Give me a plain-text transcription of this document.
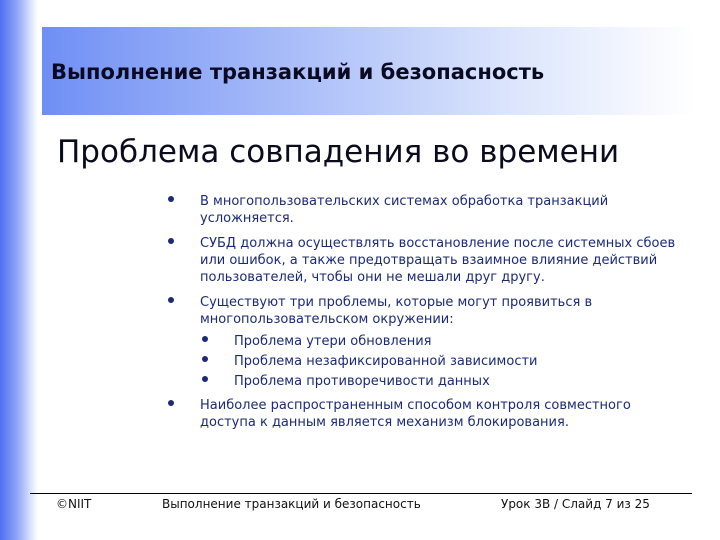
Выполнение транзакций и безопасность
Проблема совпадения во времени
В многопользовательских системах обработка транзакций усложняется.
СУБД должна осуществлять восстановление после системных сбоев или ошибок, а также предотвращать взаимное влияние действий пользователей, чтобы они не мешали друг другу.
Существуют три проблемы, которые могут проявиться в многопользовательском окружении:
Проблема утери обновления
Проблема незафиксированной зависимости
Проблема противоречивости данных
Наиболее распространенным способом контроля совместного доступа к данным является механизм блокирования.
©NIIT	Выполнение транзакций и безопасность	Урок 3В / Слайд 7 из 25
